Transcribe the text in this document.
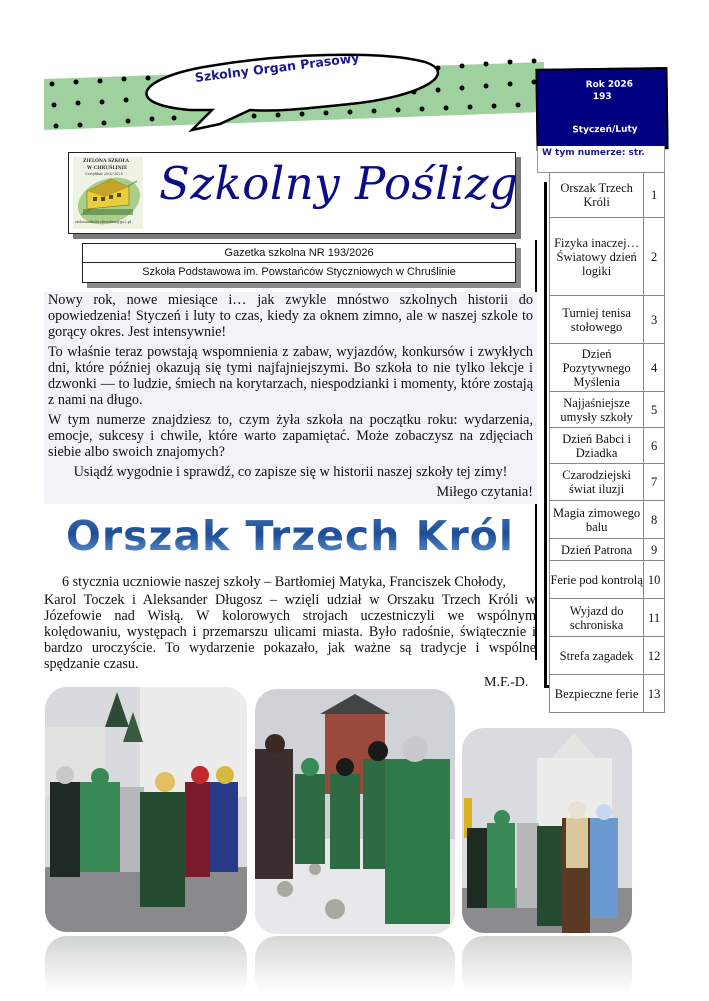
Szkolny Organ Prasowy	Rok 2026
193
Styczeń/Luty
W tym numerze: str.
ZIELONA SZKOŁA
W CHRUŚLINIE
Certyfikat 2002-2025
zielonaszkola-chruslina@go2.pl
Szkolny Poślizg
Gazetka szkolna NR 193/2026
Szkoła Podstawowa im. Powstańców Styczniowych w Chruślinie

Nowy rok, nowe miesiące i… jak zwykle mnóstwo szkolnych historii do opowiedzenia! Styczeń i luty to czas, kiedy za oknem zimno, ale w naszej szkole to gorący okres. Jest intensywnie!

To właśnie teraz powstają wspomnienia z zabaw, wyjazdów, konkursów i zwykłych dni, które później okazują się tymi najfajniejszymi. Bo szkoła to nie tylko lekcje i dzwonki — to ludzie, śmiech na korytarzach, niespodzianki i momenty, które zostają z nami na długo.

W tym numerze znajdziesz to, czym żyła szkoła na początku roku: wydarzenia, emocje, sukcesy i chwile, które warto zapamiętać. Może zobaczysz na zdjęciach siebie albo swoich znajomych?

Usiądź wygodnie i sprawdź, co zapisze się w historii naszej szkoły tej zimy!

Miłego czytania!

Orszak Trzech Króli
6 stycznia uczniowie naszej szkoły – Bartłomiej Matyka, Franciszek Chołody,
Karol Toczek i Aleksander Długosz – wzięli udział w Orszaku Trzech Króli w Józefowie nad Wisłą. W kolorowych strojach uczestniczyli we wspólnym kolędowaniu, występach i przemarszu ulicami miasta. Było radośnie, świątecznie i bardzo uroczyście. To wydarzenie pokazało, jak ważne są tradycje i wspólne spędzanie czasu.
M.F.-D.
Orszak Trzech Króli	1
Fizyka inaczej… Światowy dzień logiki	2
Turniej tenisa stołowego	3
Dzień Pozytywnego Myślenia	4
Najjaśniejsze umysły szkoły	5
Dzień Babci i Dziadka	6
Czarodziejski świat iluzji	7
Magia zimowego balu	8
Dzień Patrona	9
Ferie pod kontrolą	10
Wyjazd do schroniska	11
Strefa zagadek	12
Bezpieczne ferie	13
